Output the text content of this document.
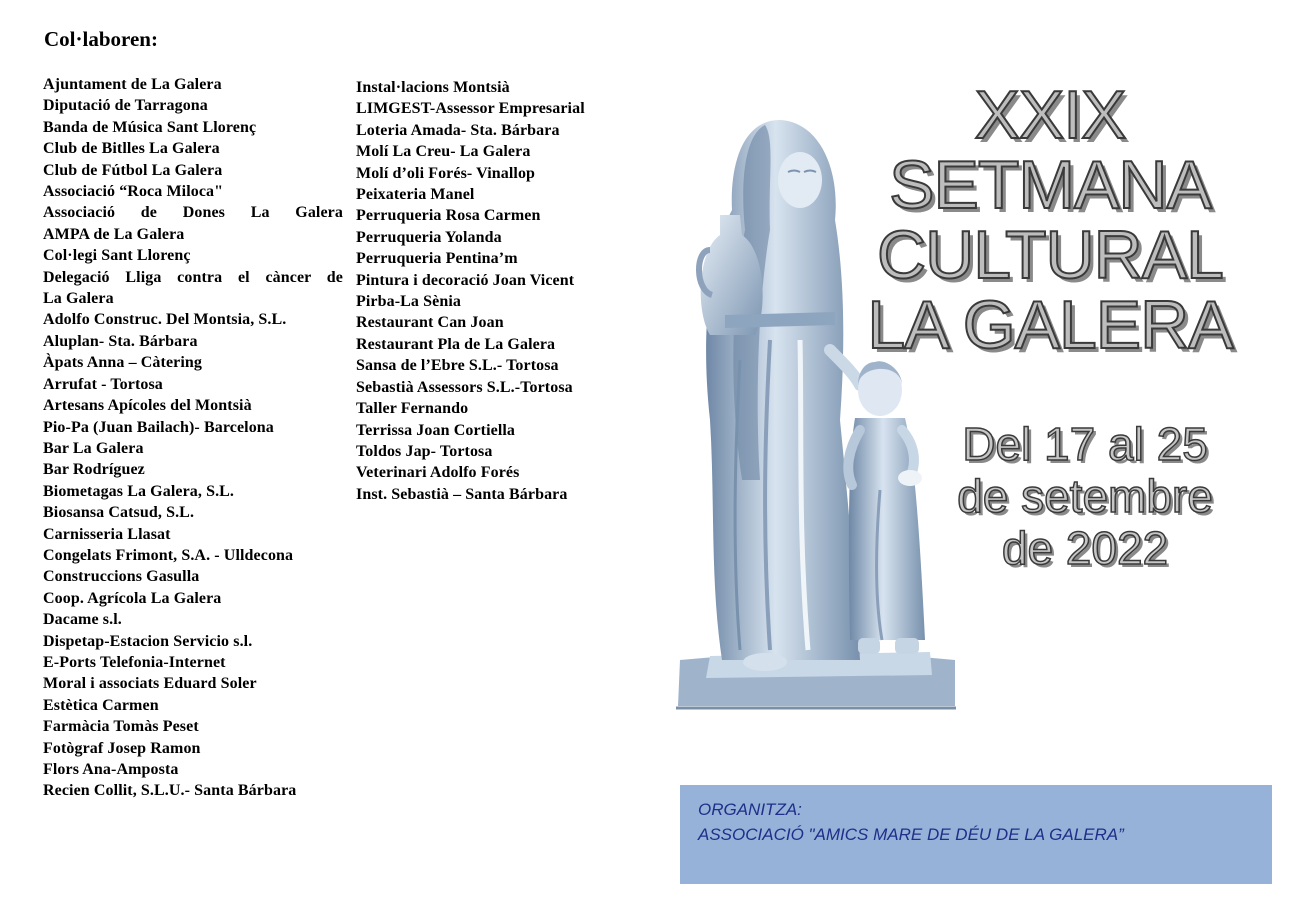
Col·laboren:
Ajuntament de La Galera
Diputació de Tarragona
Banda de Música Sant Llorenç
Club de Bitlles La Galera
Club de Fútbol La Galera
Associació “Roca Miloca"
Associació de Dones La Galera
AMPA de La Galera
Col·legi Sant Llorenç
Delegació Lliga contra el càncer de
La Galera
Adolfo Construc. Del Montsia, S.L.
Aluplan- Sta. Bárbara
Àpats Anna – Càtering
Arrufat - Tortosa
Artesans Apícoles del Montsià
Pio-Pa (Juan Bailach)- Barcelona
Bar La Galera
Bar Rodríguez
Biometagas La Galera, S.L.
Biosansa Catsud, S.L.
Carnisseria Llasat
Congelats Frimont, S.A. - Ulldecona
Construccions Gasulla
Coop. Agrícola La Galera
Dacame s.l.
Dispetap-Estacion Servicio s.l.
E-Ports Telefonia-Internet
Moral i associats Eduard Soler
Estètica Carmen
Farmàcia Tomàs Peset
Fotògraf Josep Ramon
Flors Ana-Amposta
Recien Collit, S.L.U.- Santa Bárbara
Instal·lacions Montsià
LIMGEST-Assessor Empresarial
Loteria Amada- Sta. Bárbara
Molí La Creu- La Galera
Molí d’oli Forés- Vinallop
Peixateria Manel
Perruqueria Rosa Carmen
Perruqueria Yolanda
Perruqueria Pentina’m
Pintura i decoració Joan Vicent
Pirba-La Sènia
Restaurant Can Joan
Restaurant Pla de La Galera
Sansa de l’Ebre S.L.- Tortosa
Sebastià Assessors S.L.-Tortosa
Taller Fernando
Terrissa Joan Cortiella
Toldos Jap- Tortosa
Veterinari Adolfo Forés
Inst. Sebastià – Santa Bárbara
XXIX
SETMANA
CULTURAL
LA GALERA
Del 17 al 25
de setembre
de 2022

ORGANITZA:

ASSOCIACIÓ "AMICS MARE DE DÉU DE LA GALERA”
